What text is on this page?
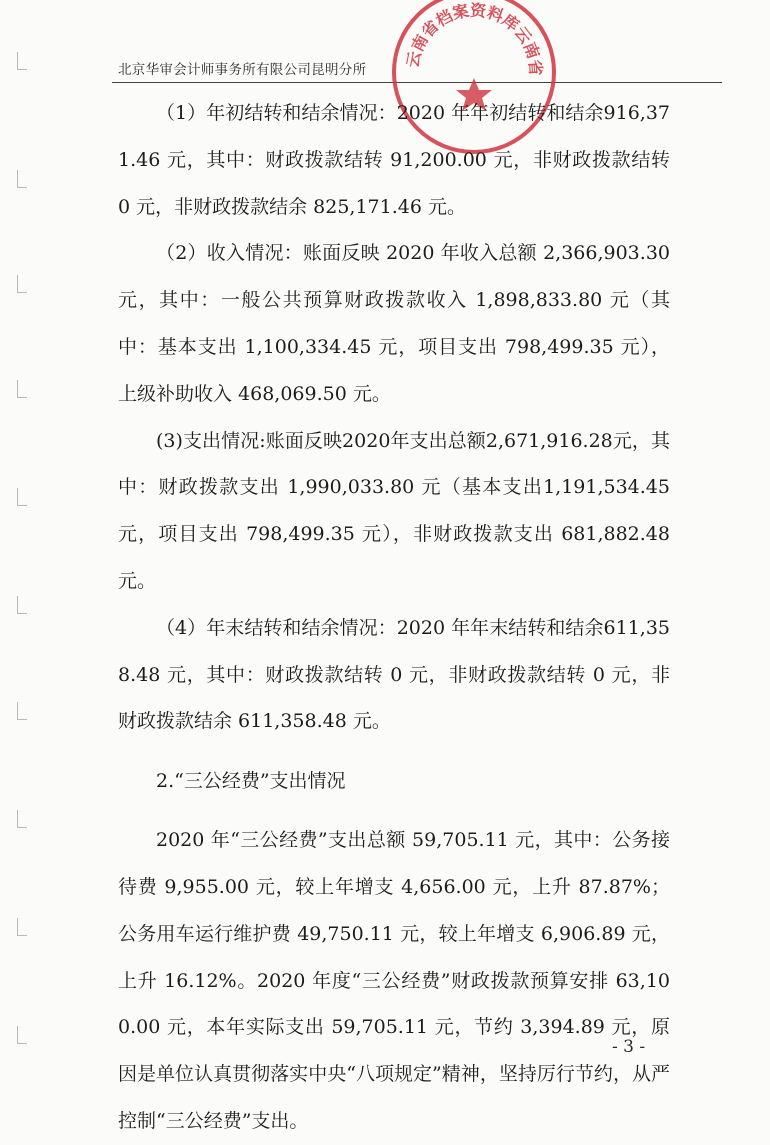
北京华审会计师事务所有限公司昆明分所
云南省档案资料库云南省

（1）年初结转和结余情况：2020 年年初结转和结余916,371.46 元，其中：财政拨款结转 91,200.00 元，非财政拨款结转 0 元，非财政拨款结余 825,171.46 元。

（2）收入情况：账面反映 2020 年收入总额 2,366,903.30 元，其中：一般公共预算财政拨款收入 1,898,833.80 元（其中：基本支出 1,100,334.45 元，项目支出 798,499.35 元），上级补助收入 468,069.50 元。

(3)支出情况:账面反映2020年支出总额2,671,916.28元，其中：财政拨款支出 1,990,033.80 元（基本支出1,191,534.45 元，项目支出 798,499.35 元），非财政拨款支出 681,882.48 元。

（4）年末结转和结余情况：2020 年年末结转和结余611,358.48 元，其中：财政拨款结转 0 元，非财政拨款结转 0 元，非财政拨款结余 611,358.48 元。

2.“三公经费”支出情况

2020 年“三公经费”支出总额 59,705.11 元，其中：公务接待费 9,955.00 元，较上年增支 4,656.00 元，上升 87.87%；公务用车运行维护费 49,750.11 元，较上年增支 6,906.89 元，上升 16.12%。2020 年度“三公经费”财政拨款预算安排 63,100.00 元，本年实际支出 59,705.11 元，节约 3,394.89 元，原因是单位认真贯彻落实中央“八项规定”精神，坚持厉行节约，从严控制“三公经费”支出。

- 3 -
